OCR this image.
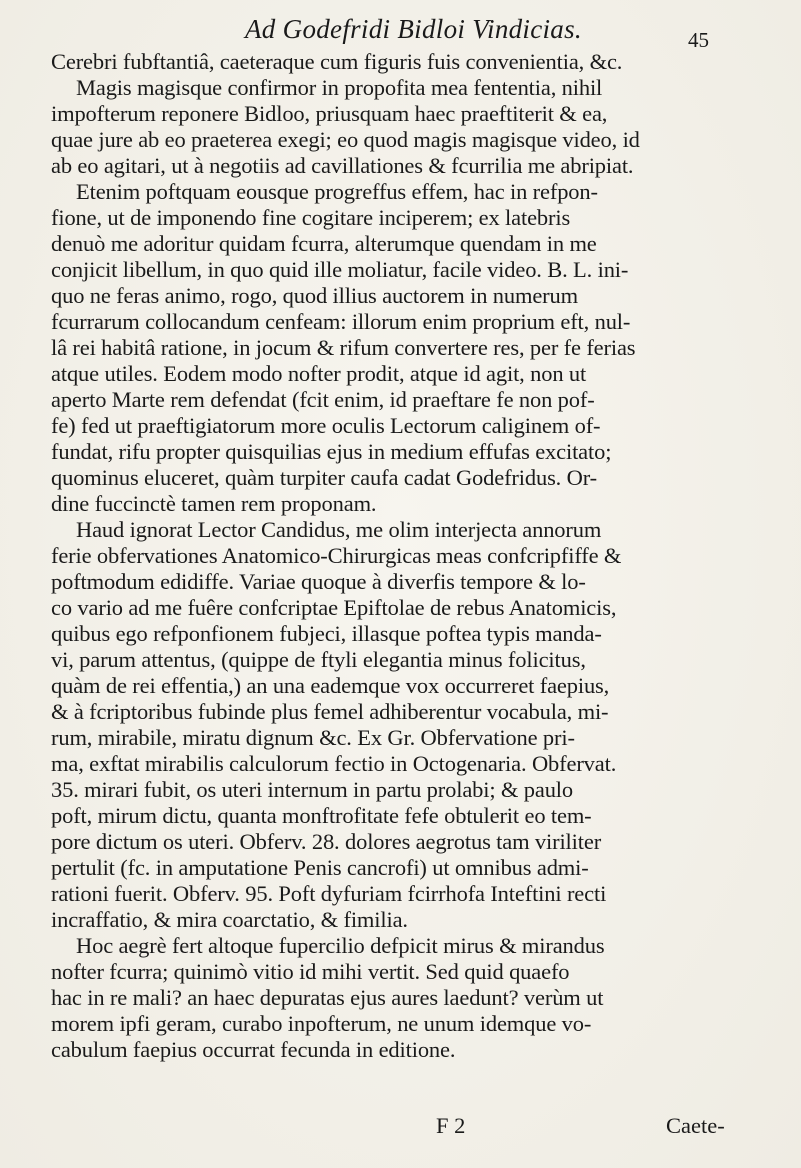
Ad Godefridi Bidloi Vindicias.	45
Cerebri fubftantiâ, caeteraque cum figuris fuis convenientia, &c.
Magis magisque confirmor in propofita mea fententia, nihil
impofterum reponere Bidloo, priusquam haec praeftiterit & ea,
quae jure ab eo praeterea exegi; eo quod magis magisque video, id
ab eo agitari, ut à negotiis ad cavillationes & fcurrilia me abripiat.
Etenim poftquam eousque progreffus effem, hac in refpon-
fione, ut de imponendo fine cogitare inciperem; ex latebris
denuò me adoritur quidam fcurra, alterumque quendam in me
conjicit libellum, in quo quid ille moliatur, facile video. B. L. ini-
quo ne feras animo, rogo, quod illius auctorem in numerum
fcurrarum collocandum cenfeam: illorum enim proprium eft, nul-
lâ rei habitâ ratione, in jocum & rifum convertere res, per fe ferias
atque utiles. Eodem modo nofter prodit, atque id agit, non ut
aperto Marte rem defendat (fcit enim, id praeftare fe non pof-
fe) fed ut praeftigiatorum more oculis Lectorum caliginem of-
fundat, rifu propter quisquilias ejus in medium effufas excitato;
quominus eluceret, quàm turpiter caufa cadat Godefridus. Or-
dine fuccinctè tamen rem proponam.
Haud ignorat Lector Candidus, me olim interjecta annorum
ferie obfervationes Anatomico-Chirurgicas meas confcripfiffe &
poftmodum edidiffe. Variae quoque à diverfis tempore & lo-
co vario ad me fuêre confcriptae Epiftolae de rebus Anatomicis,
quibus ego refponfionem fubjeci, illasque poftea typis manda-
vi, parum attentus, (quippe de ftyli elegantia minus folicitus,
quàm de rei effentia,) an una eademque vox occurreret faepius,
& à fcriptoribus fubinde plus femel adhiberentur vocabula, mi-
rum, mirabile, miratu dignum &c. Ex Gr. Obfervatione pri-
ma, exftat mirabilis calculorum fectio in Octogenaria. Obfervat.
35. mirari fubit, os uteri internum in partu prolabi; & paulo
poft, mirum dictu, quanta monftrofitate fefe obtulerit eo tem-
pore dictum os uteri. Obferv. 28. dolores aegrotus tam viriliter
pertulit (fc. in amputatione Penis cancrofi) ut omnibus admi-
rationi fuerit. Obferv. 95. Poft dyfuriam fcirrhofa Inteftini recti
incraffatio, & mira coarctatio, & fimilia.
Hoc aegrè fert altoque fupercilio defpicit mirus & mirandus
nofter fcurra; quinimò vitio id mihi vertit. Sed quid quaefo
hac in re mali? an haec depuratas ejus aures laedunt? verùm ut
morem ipfi geram, curabo inpofterum, ne unum idemque vo-
cabulum faepius occurrat fecunda in editione.
F 2	Caete-
